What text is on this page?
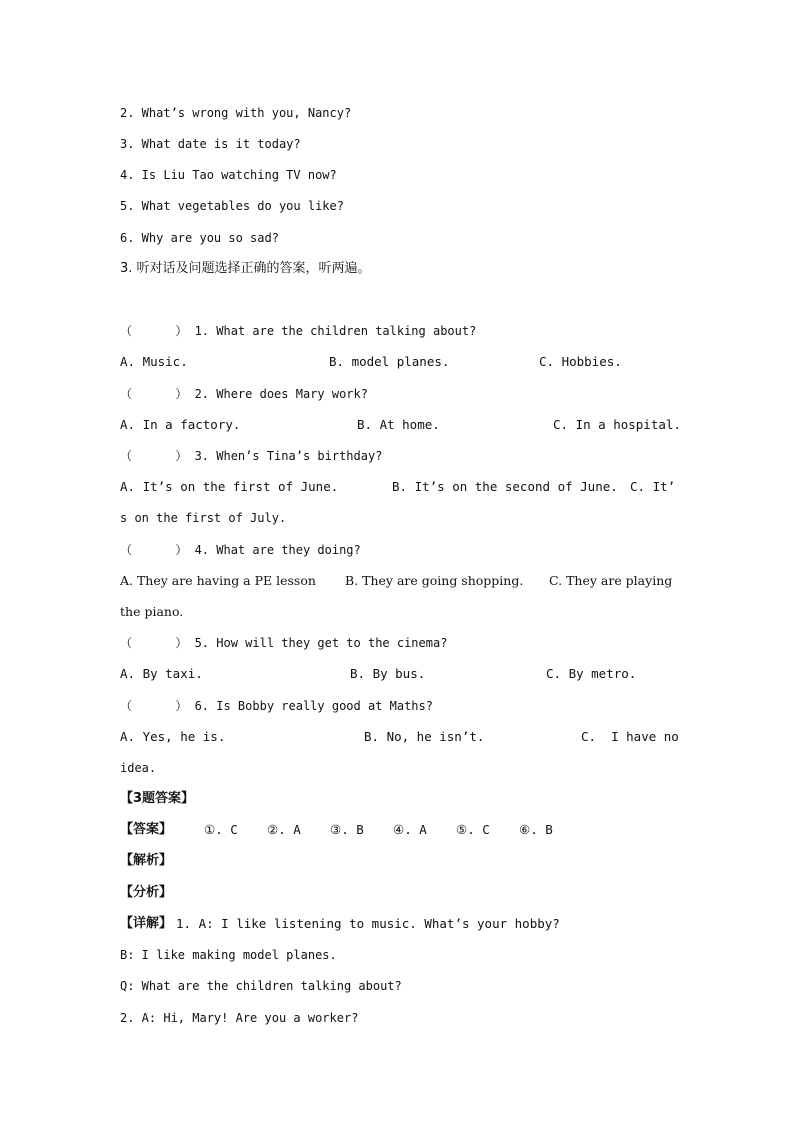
2. What’s wrong with you, Nancy?
3. What date is it today?
4. Is Liu Tao watching TV now?
5. What vegetables do you like?
6. Why are you so sad?
3. 听对话及问题选择正确的答案，听两遍。
（      ） 1. What are the children talking about?
A. Music.	B. model planes.	C. Hobbies.
（      ） 2. Where does Mary work?
A. In a factory.	B. At home.	C. In a hospital.
（      ） 3. When’s Tina’s birthday?
A. It’s on the first of June.	B. It’s on the second of June. C. It’
s on the first of July.
（      ） 4. What are they doing?
A. They are having a PE lesson B. They are going shopping. C. They are playing
the piano.
（      ） 5. How will they get to the cinema?
A. By taxi.	B. By bus.	C. By metro.
（      ） 6. Is Bobby really good at Maths?
A. Yes, he is.	B. No, he isn’t.	C.  I have no
idea.
【3题答案】
【答案】	①. C ②. A ③. B ④. A ⑤. C ⑥. B
【解析】
【分析】
【详解】 1. A: I like listening to music. What’s your hobby?
B: I like making model planes.
Q: What are the children talking about?
2. A: Hi, Mary! Are you a worker?
